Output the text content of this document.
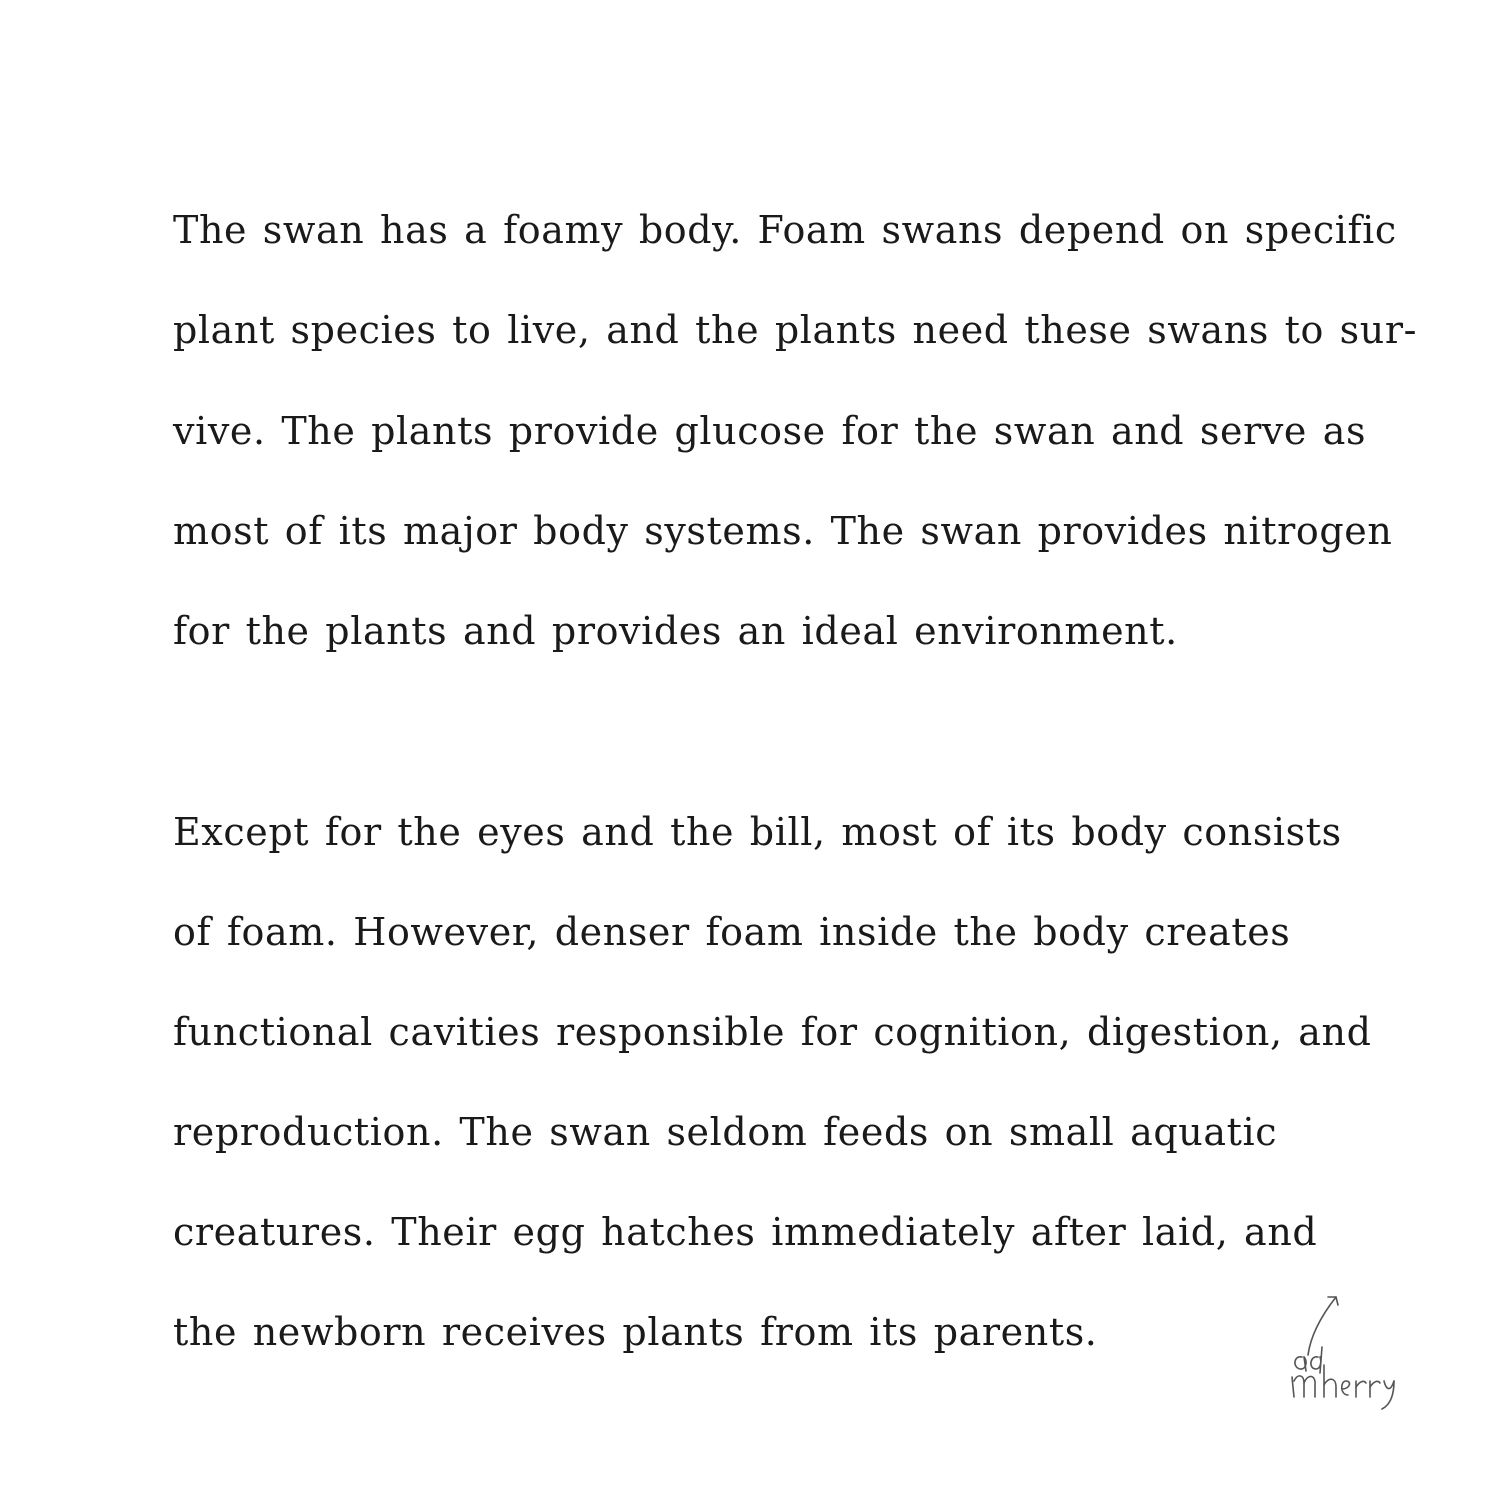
The swan has a foamy body. Foam swans depend on specific
plant species to live, and the plants need these swans to sur-
vive. The plants provide glucose for the swan and serve as
most of its major body systems. The swan provides nitrogen
for the plants and provides an ideal environment.
Except for the eyes and the bill, most of its body consists
of foam. However, denser foam inside the body creates
functional cavities responsible for cognition, digestion, and
reproduction. The swan seldom feeds on small aquatic
creatures. Their egg hatches immediately after laid, and
the newborn receives plants from its parents.
